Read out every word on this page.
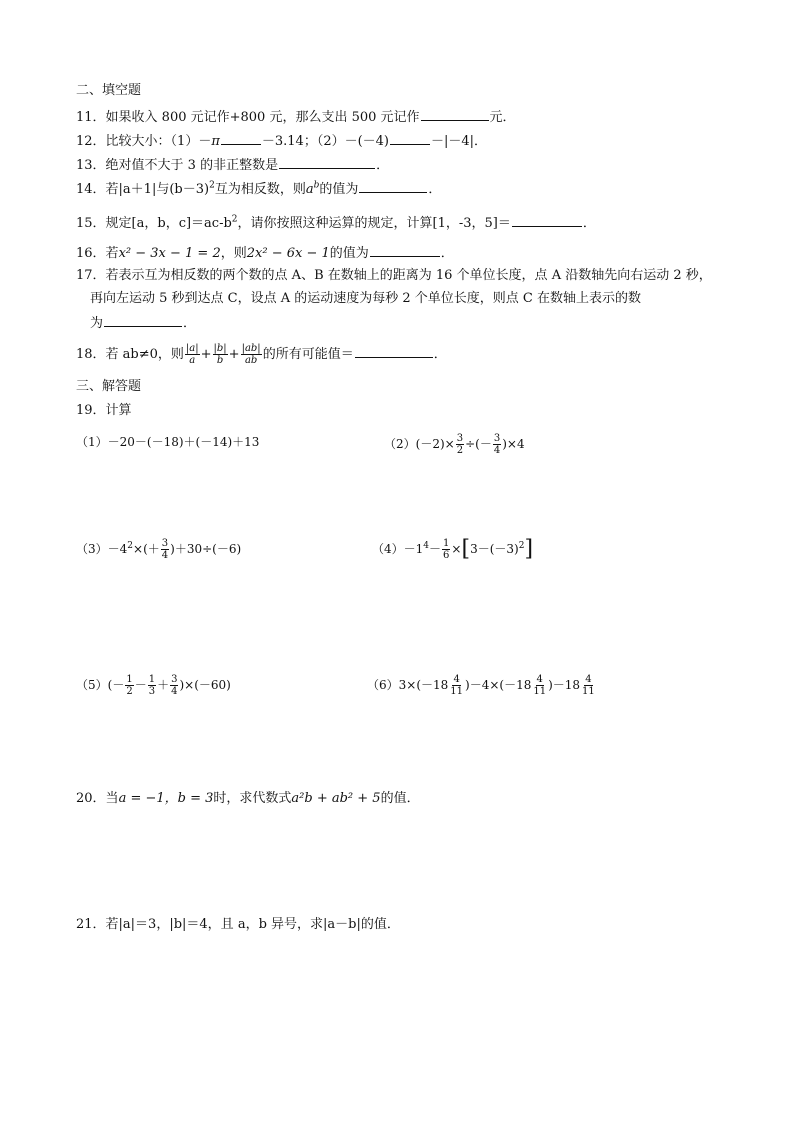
二、填空题
11．如果收入 800 元记作+800 元，那么支出 500 元记作	元．
12．比较大小：（1）－π	－3.14；（2）－(－4)	－|－4|．
13．绝对值不大于 3 的非正整数是	．
14．若|a＋1|与$(b-3)^2$互为相反数，则$a^b$的值为	．
15．规定[a，b，$c]=ac-b^2$，请你按照这种运算的规定，计算[1，-3，5]＝	．
16．若x² − 3x − 1 = 2，则2x² − 6x − 1的值为	．
17．若表示互为相反数的两个数的点 A、B 在数轴上的距离为 16 个单位长度，点 A 沿数轴先向右运动 2 秒，
再向左运动 5 秒到达点 C，设点 A 的运动速度为每秒 2 个单位长度，则点 C 在数轴上表示的数
为	．
18．若 ab≠0，则 $\frac{|a|}{a} + \frac{|b|}{b} + \frac{|ab|}{ab}$ 的所有可能值＝	．
三、解答题
19．计算
（1）－20－(－18)＋(－14)＋13	$(2)(-2)\times \frac{3}{2}$ ÷(－ $\frac{3}{4} )\times 4$
$(3)-4^2\times(+ \frac{3}{4} )+30\div(-6)$	$(4)-1^4- \frac{1}{6} \times[3-(-3)^2]$
$(5)(- \frac{1}{2} - \frac{1}{3} + \frac{3}{4} )\times(-60)$	$(6)3\times(-18 \frac{4}{11} )-4\times(-18 \frac{4}{11} )-18 \frac{4}{11}$
20．当a = −1，b = 3时，求代数式a²b + ab² + 5的值．
21．若|a|＝3，|b|＝4，且 a，b 异号，求|a－b|的值．
